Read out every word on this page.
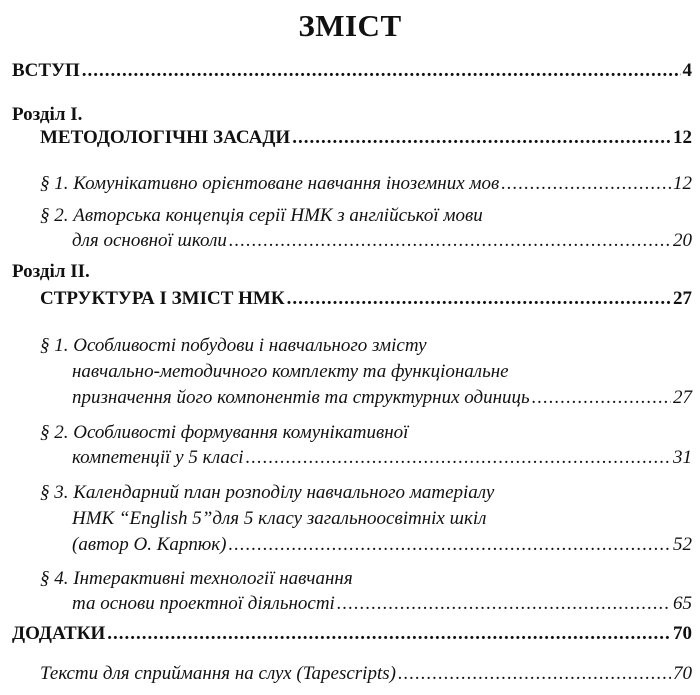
ЗМІСТ
ВСТУП .....	4
Розділ I.
МЕТОДОЛОГІЧНІ ЗАСАДИ .....	12
§ 1. Комунікативно орієнтоване навчання іноземних мов .....	12
§ 2. Авторська концепція серії НМК з англійської мови
для основної школи .....	20
Розділ II.
СТРУКТУРА І ЗМІСТ НМК .....	27
§ 1. Особливості побудови і навчального змісту
навчально-методичного комплекту та функціональне
призначення його компонентів та структурних одиниць .....	27
§ 2. Особливості формування комунікативної
компетенції у 5 класі .....	31
§ 3. Календарний план розподілу навчального матеріалу
НМК “English 5”для 5 класу загальноосвітніх шкіл
(автор О. Карпюк) .....	52
§ 4. Інтерактивні технології навчання
та основи проектної діяльності .....	65
ДОДАТКИ .....	70
Тексти для сприймання на слух (Tapescripts) .....	70
